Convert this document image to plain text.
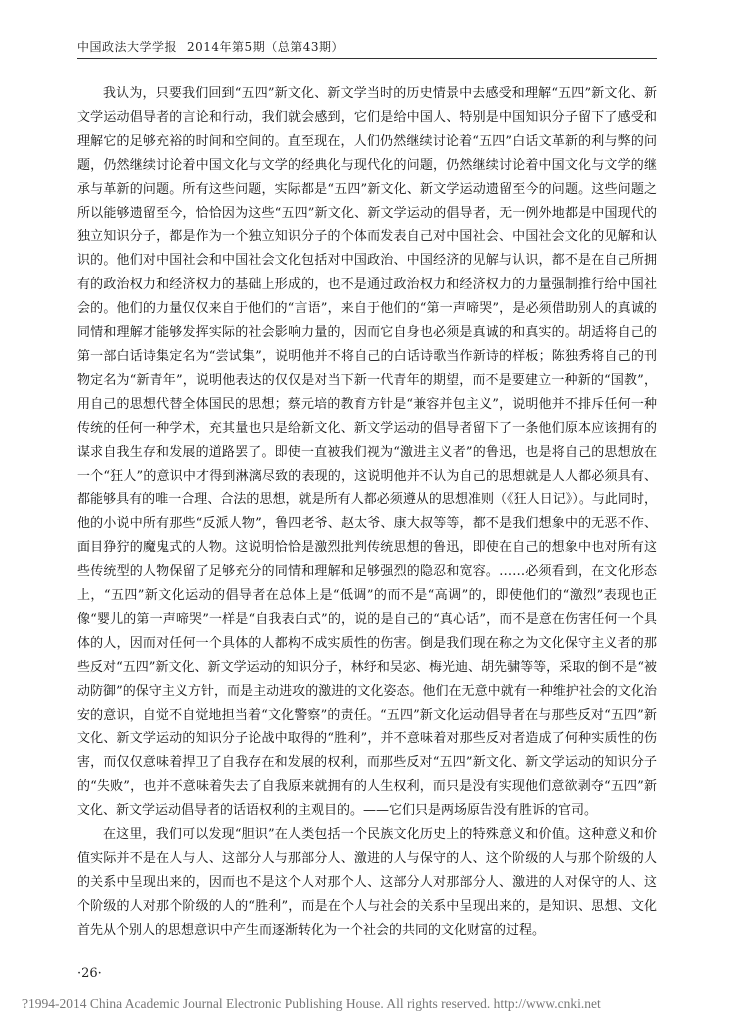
中国政法大学学报 2014年第5期（总第43期）

我认为，只要我们回到“五四”新文化、新文学当时的历史情景中去感受和理解“五四”新文化、新文学运动倡导者的言论和行动，我们就会感到，它们是给中国人、特别是中国知识分子留下了感受和理解它的足够充裕的时间和空间的。直至现在，人们仍然继续讨论着“五四”白话文革新的利与弊的问题，仍然继续讨论着中国文化与文学的经典化与现代化的问题，仍然继续讨论着中国文化与文学的继承与革新的问题。所有这些问题，实际都是“五四”新文化、新文学运动遗留至今的问题。这些问题之所以能够遗留至今，恰恰因为这些“五四”新文化、新文学运动的倡导者，无一例外地都是中国现代的独立知识分子，都是作为一个独立知识分子的个体而发表自己对中国社会、中国社会文化的见解和认识的。他们对中国社会和中国社会文化包括对中国政治、中国经济的见解与认识，都不是在自己所拥有的政治权力和经济权力的基础上形成的，也不是通过政治权力和经济权力的力量强制推行给中国社会的。他们的力量仅仅来自于他们的“言语”，来自于他们的“第一声啼哭”，是必须借助别人的真诚的同情和理解才能够发挥实际的社会影响力量的，因而它自身也必须是真诚的和真实的。胡适将自己的第一部白话诗集定名为“尝试集”，说明他并不将自己的白话诗歌当作新诗的样板；陈独秀将自己的刊物定名为“新青年”，说明他表达的仅仅是对当下新一代青年的期望，而不是要建立一种新的“国教”，用自己的思想代替全体国民的思想；蔡元培的教育方针是“兼容并包主义”，说明他并不排斥任何一种传统的任何一种学术，充其量也只是给新文化、新文学运动的倡导者留下了一条他们原本应该拥有的谋求自我生存和发展的道路罢了。即使一直被我们视为“激进主义者”的鲁迅，也是将自己的思想放在一个“狂人”的意识中才得到淋漓尽致的表现的，这说明他并不认为自己的思想就是人人都必须具有、都能够具有的唯一合理、合法的思想，就是所有人都必须遵从的思想准则（《狂人日记》）。与此同时，他的小说中所有那些“反派人物”，鲁四老爷、赵太爷、康大叔等等，都不是我们想象中的无恶不作、面目狰狞的魔鬼式的人物。这说明恰恰是激烈批判传统思想的鲁迅，即使在自己的想象中也对所有这些传统型的人物保留了足够充分的同情和理解和足够强烈的隐忍和宽容。……必须看到，在文化形态上，“五四”新文化运动的倡导者在总体上是“低调”的而不是“高调”的，即使他们的“激烈”表现也正像“婴儿的第一声啼哭”一样是“自我表白式”的，说的是自己的“真心话”，而不是意在伤害任何一个具体的人，因而对任何一个具体的人都构不成实质性的伤害。倒是我们现在称之为文化保守主义者的那些反对“五四”新文化、新文学运动的知识分子，林纾和吴宓、梅光迪、胡先骕等等，采取的倒不是“被动防御”的保守主义方针，而是主动进攻的激进的文化姿态。他们在无意中就有一种维护社会的文化治安的意识，自觉不自觉地担当着“文化警察”的责任。“五四”新文化运动倡导者在与那些反对“五四”新文化、新文学运动的知识分子论战中取得的“胜利”，并不意味着对那些反对者造成了何种实质性的伤害，而仅仅意味着捍卫了自我存在和发展的权利，而那些反对“五四”新文化、新文学运动的知识分子的“失败”，也并不意味着失去了自我原来就拥有的人生权利，而只是没有实现他们意欲剥夺“五四”新文化、新文学运动倡导者的话语权利的主观目的。——它们只是两场原告没有胜诉的官司。

在这里，我们可以发现“胆识”在人类包括一个民族文化历史上的特殊意义和价值。这种意义和价值实际并不是在人与人、这部分人与那部分人、激进的人与保守的人、这个阶级的人与那个阶级的人的关系中呈现出来的，因而也不是这个人对那个人、这部分人对那部分人、激进的人对保守的人、这个阶级的人对那个阶级的人的“胜利”，而是在个人与社会的关系中呈现出来的，是知识、思想、文化首先从个别人的思想意识中产生而逐渐转化为一个社会的共同的文化财富的过程。

·26·
?1994-2014 China Academic Journal Electronic Publishing House. All rights reserved. http://www.cnki.net
